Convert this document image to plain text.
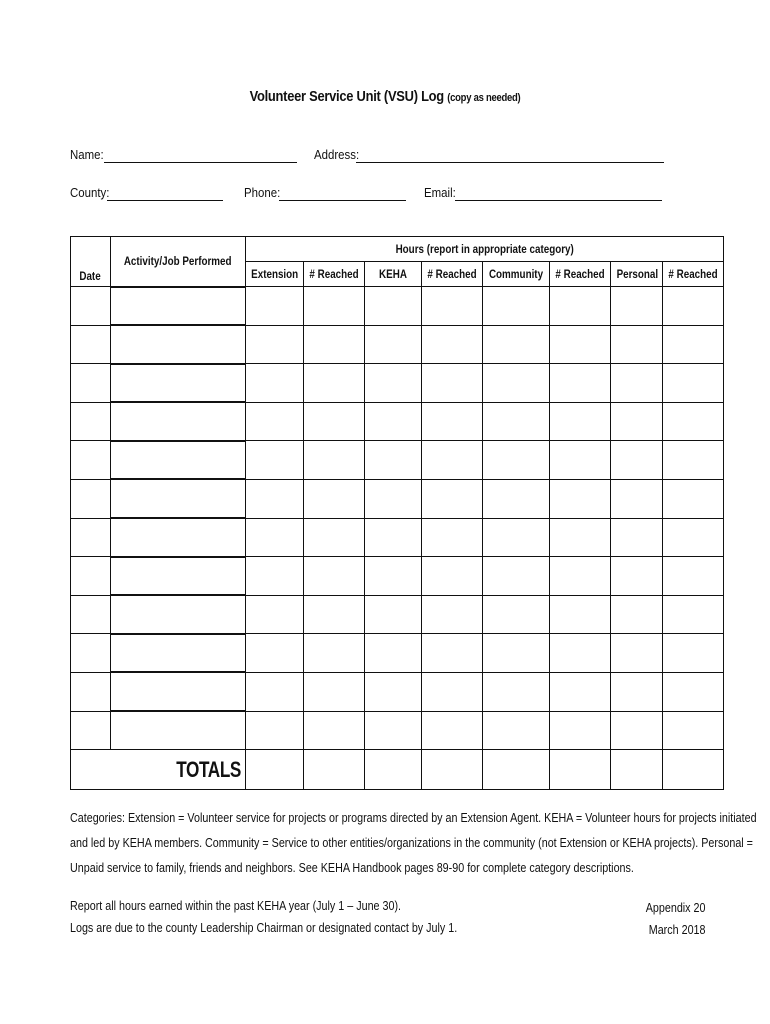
Volunteer Service Unit (VSU) Log (copy as needed)
Name:	Address:
County:	Phone:	Email:
Date	Activity/Job Performed	Hours (report in appropriate category)							
		Extension	# Reached	KEHA	# Reached	Community	# Reached	Personal	# Reached

TOTALS									
Categories: Extension = Volunteer service for projects or programs directed by an Extension Agent. KEHA = Volunteer hours for projects initiated
and led by KEHA members. Community = Service to other entities/organizations in the community (not Extension or KEHA projects). Personal =
Unpaid service to family, friends and neighbors. See KEHA Handbook pages 89-90 for complete category descriptions.
Report all hours earned within the past KEHA year (July 1 – June 30).
Logs are due to the county Leadership Chairman or designated contact by July 1.
Appendix 20
March 2018
